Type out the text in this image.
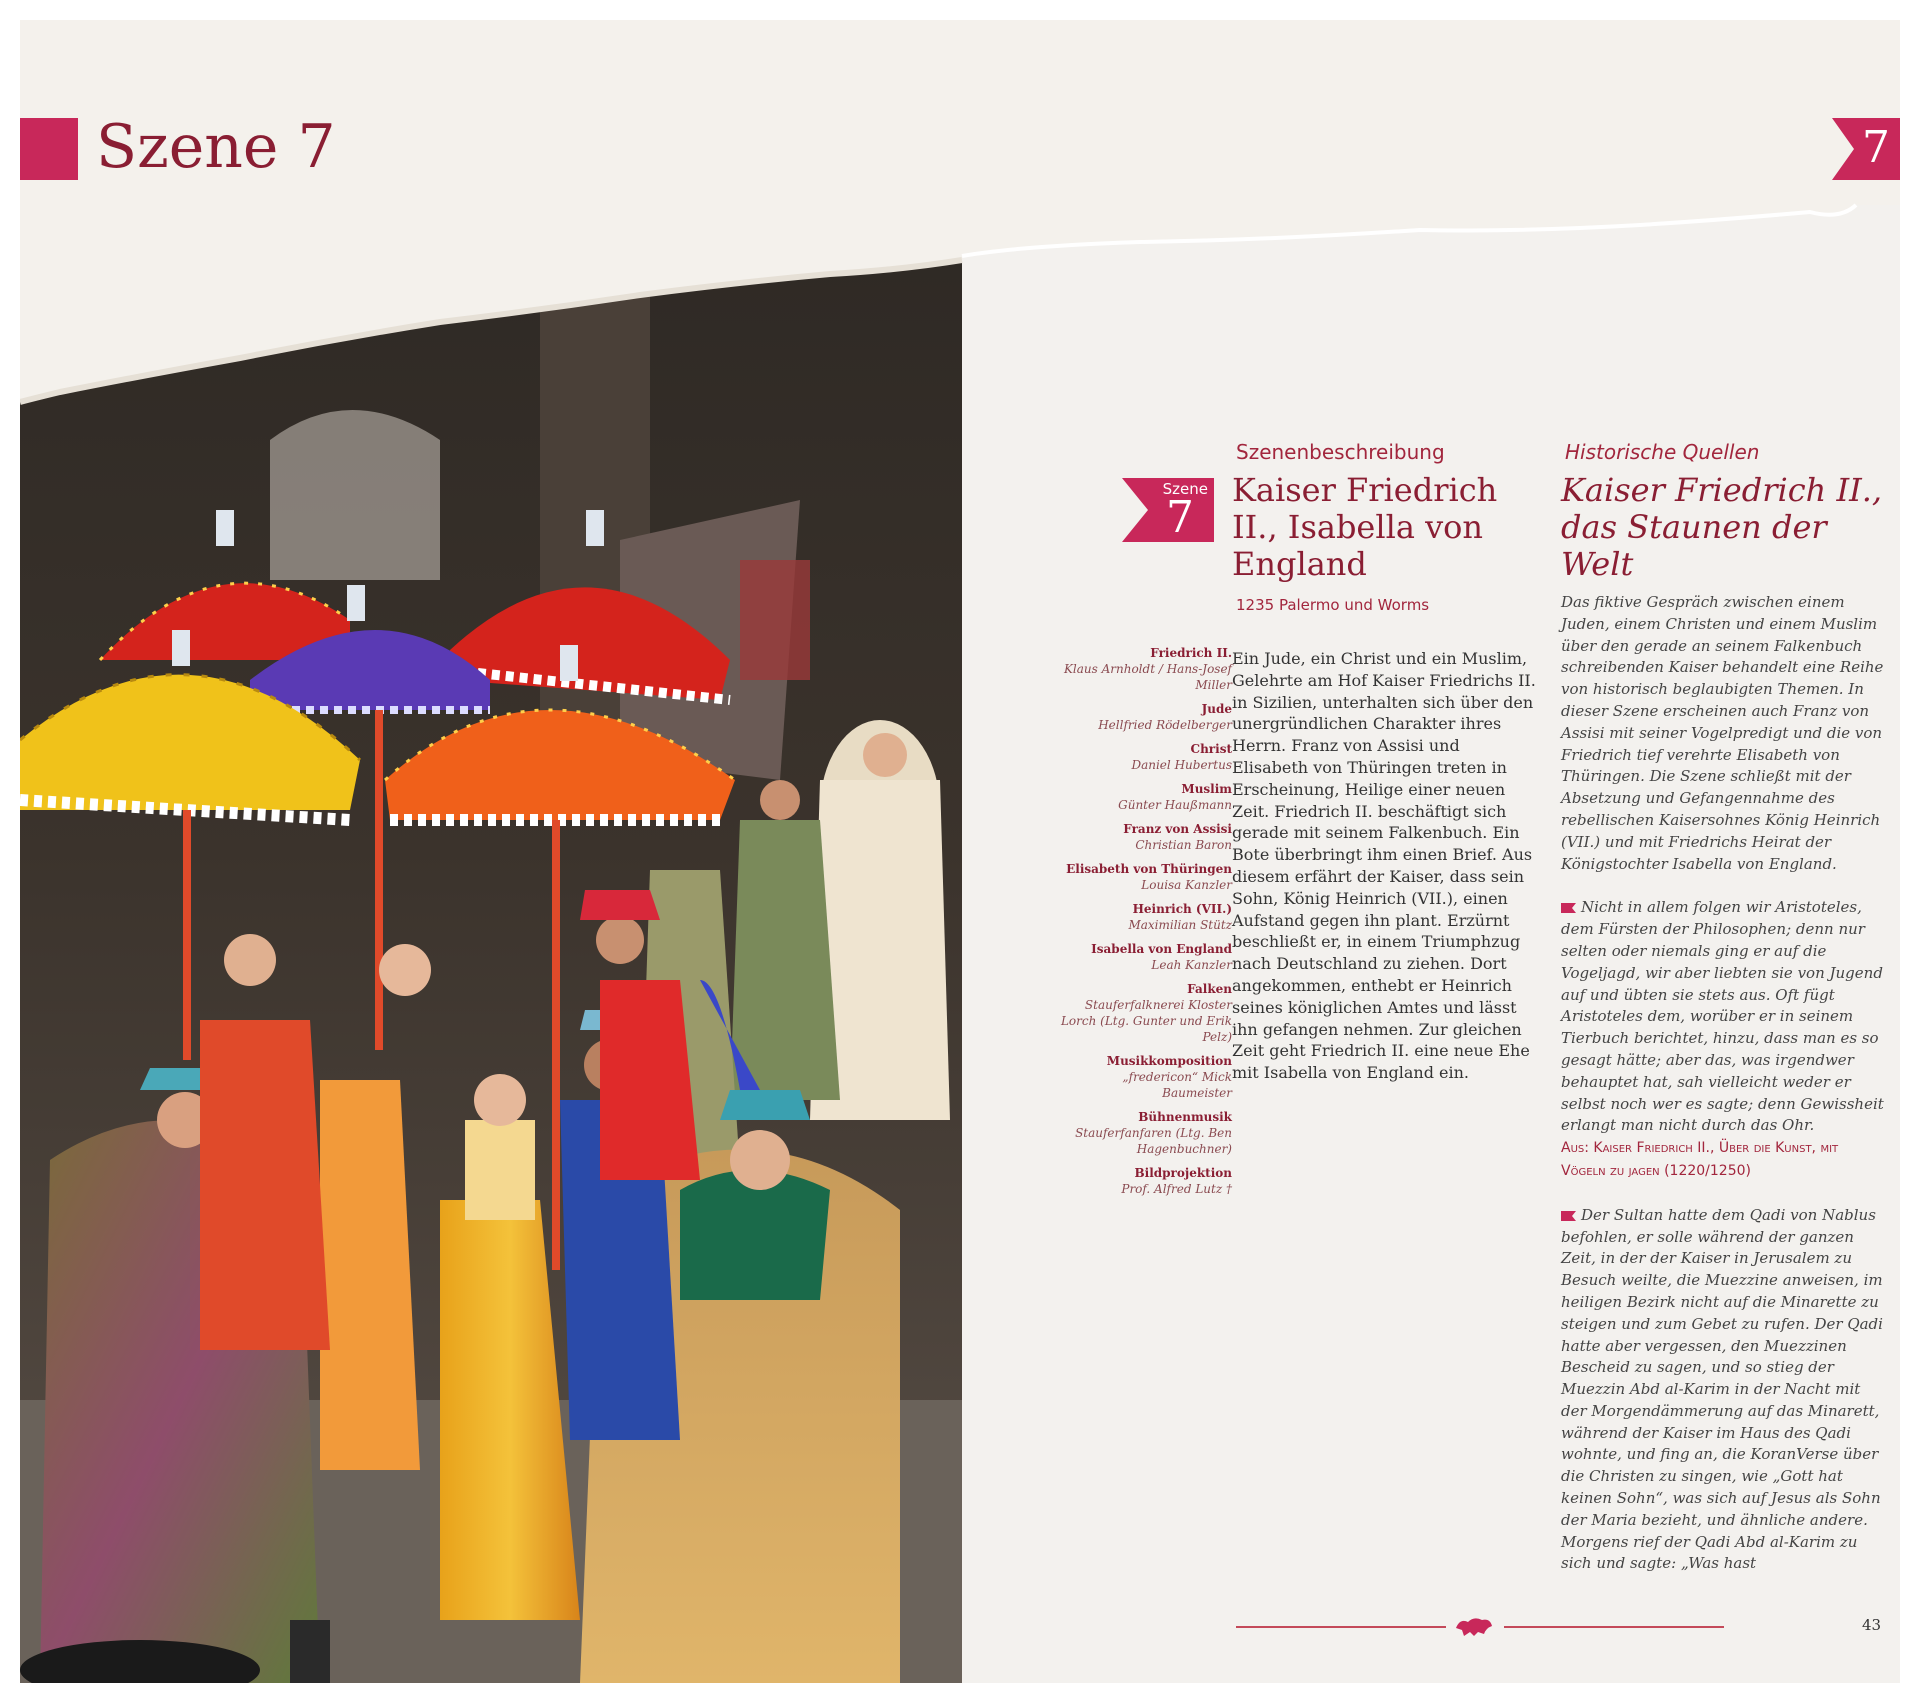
Szene 7	7
Szene
7
Szenenbeschreibung
Kaiser Friedrich II., Isabella von England
1235 Palermo und Worms
Friedrich II.
Klaus Arnholdt / Hans-Josef Miller
Jude
Hellfried Rödelberger
Christ
Daniel Hubertus
Muslim
Günter Haußmann
Franz von Assisi
Christian Baron
Elisabeth von Thüringen
Louisa Kanzler
Heinrich (VII.)
Maximilian Stütz
Isabella von England
Leah Kanzler
Falken
Stauferfalknerei Kloster Lorch (Ltg. Gunter und Erik Pelz)
Musikkomposition
„fredericon“ Mick Baumeister
Bühnenmusik
Stauferfanfaren (Ltg. Ben Hagenbuchner)
Bildprojektion
Prof. Alfred Lutz †

Ein Jude, ein Christ und ein Muslim, Gelehrte am Hof Kaiser Friedrichs II. in Sizilien, unterhalten sich über den unergründlichen Charakter ihres Herrn. Franz von Assisi und Elisabeth von Thüringen treten in Erscheinung, Heilige einer neuen Zeit. Friedrich II. beschäftigt sich gerade mit seinem Falkenbuch. Ein Bote überbringt ihm einen Brief. Aus diesem erfährt der Kaiser, dass sein Sohn, König Heinrich (VII.), einen Aufstand gegen ihn plant. Erzürnt beschließt er, in einem Triumphzug nach Deutschland zu ziehen. Dort angekommen, enthebt er Heinrich seines königlichen Amtes und lässt ihn gefangen nehmen. Zur gleichen Zeit geht Friedrich II. eine neue Ehe mit Isabella von England ein.

Historische Quellen
Kaiser Friedrich II., das Staunen der Welt

Das fiktive Gespräch zwischen einem Juden, einem Christen und einem Muslim über den gerade an seinem Falkenbuch schreibenden Kaiser behandelt eine Reihe von historisch beglaubigten Themen. In dieser Szene erscheinen auch Franz von Assisi mit seiner Vogelpredigt und die von Friedrich tief verehrte Elisabeth von Thüringen. Die Szene schließt mit der Absetzung und Gefangennahme des rebellischen Kaisersohnes König Heinrich (VII.) und mit Friedrichs Heirat der Königstochter Isabella von England.

Nicht in allem folgen wir Aristoteles, dem Fürsten der Philosophen; denn nur selten oder niemals ging er auf die Vogeljagd, wir aber liebten sie von Jugend auf und übten sie stets aus. Oft fügt Aristoteles dem, worüber er in seinem Tierbuch berichtet, hinzu, dass man es so gesagt hätte; aber das, was irgendwer behauptet hat, sah vielleicht weder er selbst noch wer es sagte; denn Gewissheit erlangt man nicht durch das Ohr.

Aus: Kaiser Friedrich II., Über die Kunst, mit Vögeln zu jagen (1220/1250)

Der Sultan hatte dem Qadi von Nablus befohlen, er solle während der ganzen Zeit, in der der Kaiser in Jerusalem zu Besuch weilte, die Muezzine anweisen, im heiligen Bezirk nicht auf die Minarette zu steigen und zum Gebet zu rufen. Der Qadi hatte aber vergessen, den Muezzinen Bescheid zu sagen, und so stieg der Muezzin Abd al-Karim in der Nacht mit der Morgendämmerung auf das Minarett, während der Kaiser im Haus des Qadi wohnte, und fing an, die KoranVerse über die Christen zu singen, wie „Gott hat keinen Sohn“, was sich auf Jesus als Sohn der Maria bezieht, und ähnliche andere. Morgens rief der Qadi Abd al-Karim zu sich und sagte: „Was hast

43
